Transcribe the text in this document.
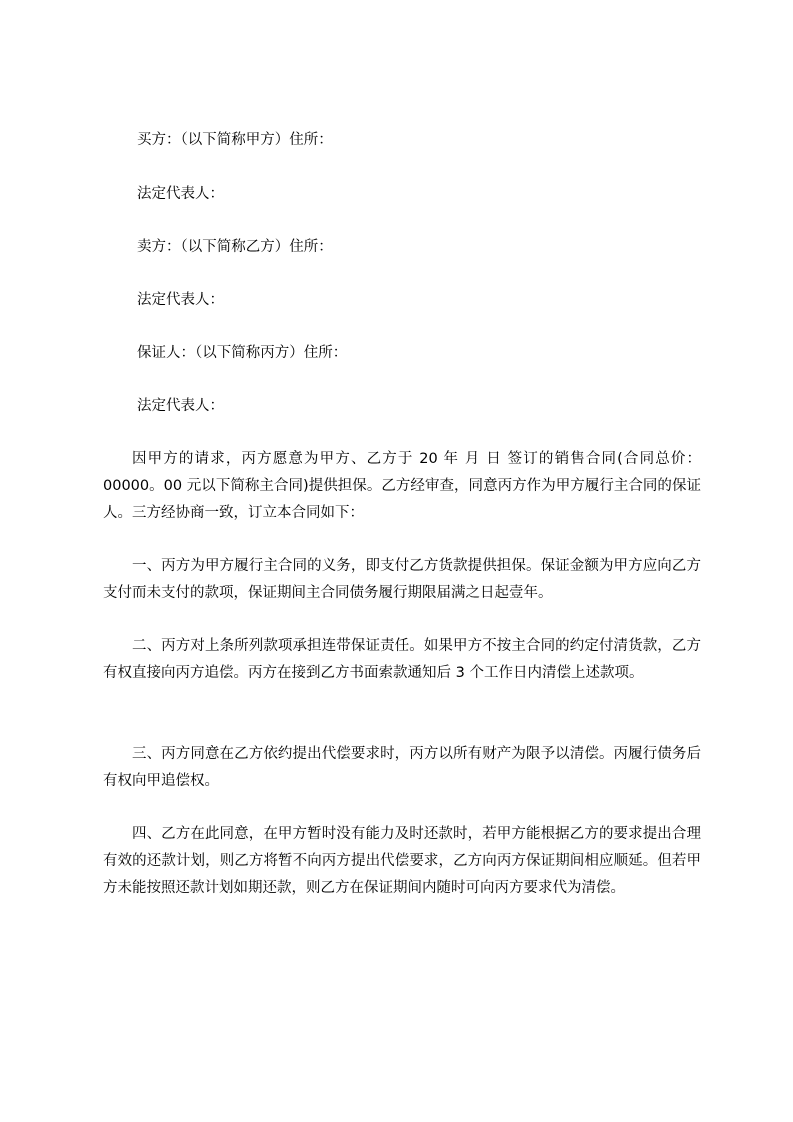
买方：（以下简称甲方）住所：

法定代表人：

卖方：（以下简称乙方）住所：

法定代表人：

保证人：（以下简称丙方）住所：

法定代表人：

因甲方的请求，丙方愿意为甲方、乙方于 20 年 月 日 签订的销售合同(合同总价： 00000。00 元以下简称主合同)提供担保。乙方经审查，同意丙方作为甲方履行主合同的保证人。三方经协商一致，订立本合同如下：

一、丙方为甲方履行主合同的义务，即支付乙方货款提供担保。保证金额为甲方应向乙方支付而未支付的款项，保证期间主合同债务履行期限届满之日起壹年。

二、丙方对上条所列款项承担连带保证责任。如果甲方不按主合同的约定付清货款，乙方有权直接向丙方追偿。丙方在接到乙方书面索款通知后 3 个工作日内清偿上述款项。

三、丙方同意在乙方依约提出代偿要求时，丙方以所有财产为限予以清偿。丙履行债务后有权向甲追偿权。

四、乙方在此同意，在甲方暂时没有能力及时还款时，若甲方能根据乙方的要求提出合理有效的还款计划，则乙方将暂不向丙方提出代偿要求，乙方向丙方保证期间相应顺延。但若甲方未能按照还款计划如期还款，则乙方在保证期间内随时可向丙方要求代为清偿。
